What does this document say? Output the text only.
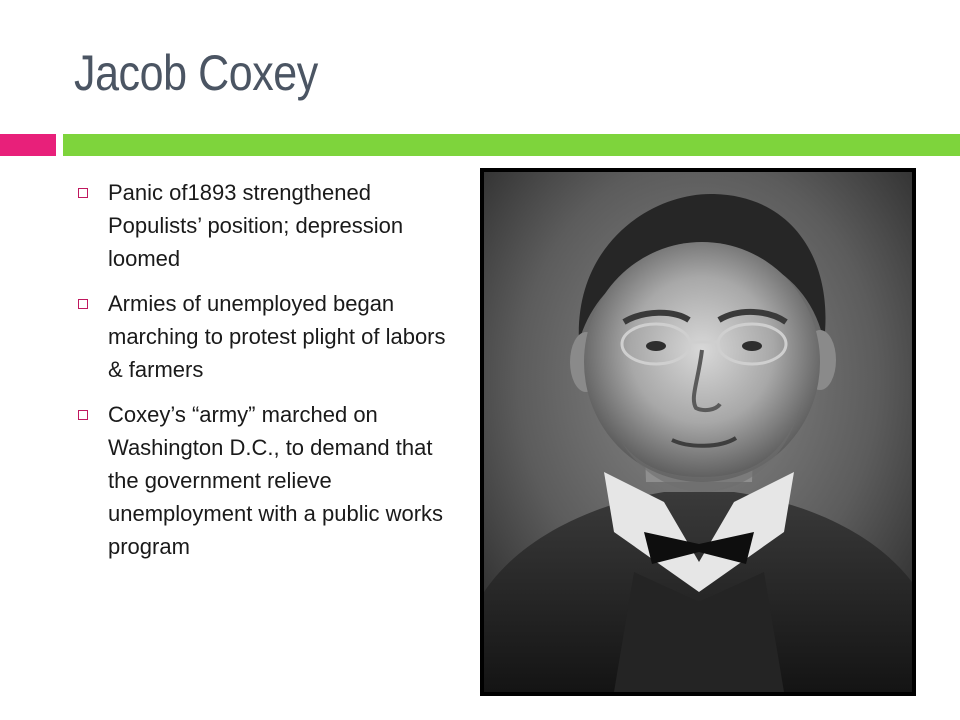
Jacob Coxey
Panic of1893 strengthened Populists’ position; depression loomed
Armies of unemployed began marching to protest plight of labors & farmers
Coxey’s “army” marched on Washington D.C., to demand that the government relieve unemployment with a public works program
